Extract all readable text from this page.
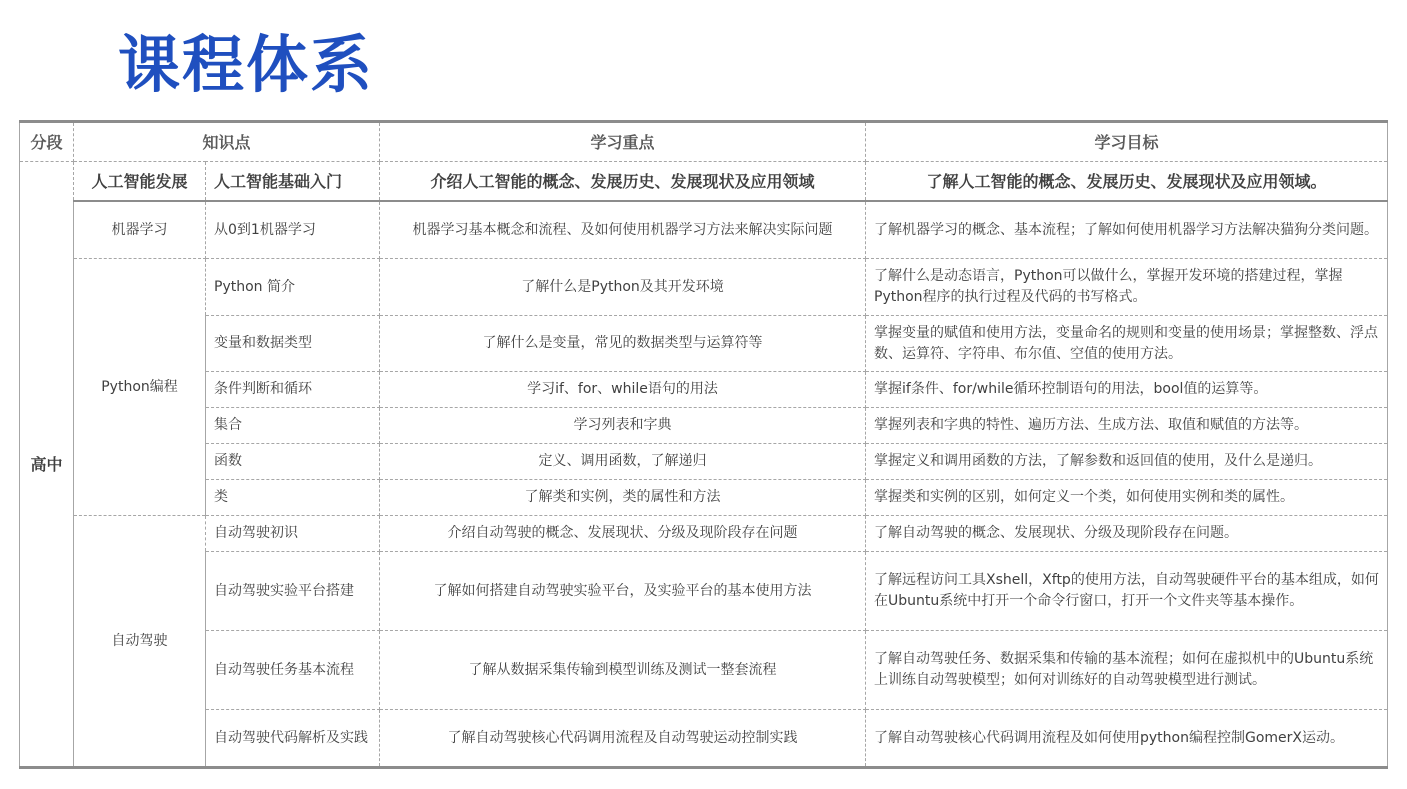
课程体系
分段	知识点		学习重点	学习目标
高中	人工智能发展	人工智能基础入门	介绍人工智能的概念、发展历史、发展现状及应用领域	了解人工智能的概念、发展历史、发展现状及应用领域。
	机器学习	从0到1机器学习	机器学习基本概念和流程、及如何使用机器学习方法来解决实际问题	了解机器学习的概念、基本流程；了解如何使用机器学习方法解决猫狗分类问题。
	Python编程	Python 简介	了解什么是Python及其开发环境	了解什么是动态语言，Python可以做什么，掌握开发环境的搭建过程，掌握Python程序的执行过程及代码的书写格式。
		变量和数据类型	了解什么是变量，常见的数据类型与运算符等	掌握变量的赋值和使用方法，变量命名的规则和变量的使用场景；掌握整数、浮点数、运算符、字符串、布尔值、空值的使用方法。
		条件判断和循环	学习if、for、while语句的用法	掌握if条件、for/while循环控制语句的用法，bool值的运算等。
		集合	学习列表和字典	掌握列表和字典的特性、遍历方法、生成方法、取值和赋值的方法等。
		函数	定义、调用函数，了解递归	掌握定义和调用函数的方法，了解参数和返回值的使用，及什么是递归。
		类	了解类和实例，类的属性和方法	掌握类和实例的区别，如何定义一个类，如何使用实例和类的属性。
	自动驾驶	自动驾驶初识	介绍自动驾驶的概念、发展现状、分级及现阶段存在问题	了解自动驾驶的概念、发展现状、分级及现阶段存在问题。
		自动驾驶实验平台搭建	了解如何搭建自动驾驶实验平台，及实验平台的基本使用方法	了解远程访问工具Xshell，Xftp的使用方法，自动驾驶硬件平台的基本组成，如何在Ubuntu系统中打开一个命令行窗口，打开一个文件夹等基本操作。
		自动驾驶任务基本流程	了解从数据采集传输到模型训练及测试一整套流程	了解自动驾驶任务、数据采集和传输的基本流程；如何在虚拟机中的Ubuntu系统上训练自动驾驶模型；如何对训练好的自动驾驶模型进行测试。
		自动驾驶代码解析及实践	了解自动驾驶核心代码调用流程及自动驾驶运动控制实践	了解自动驾驶核心代码调用流程及如何使用python编程控制GomerX运动。
